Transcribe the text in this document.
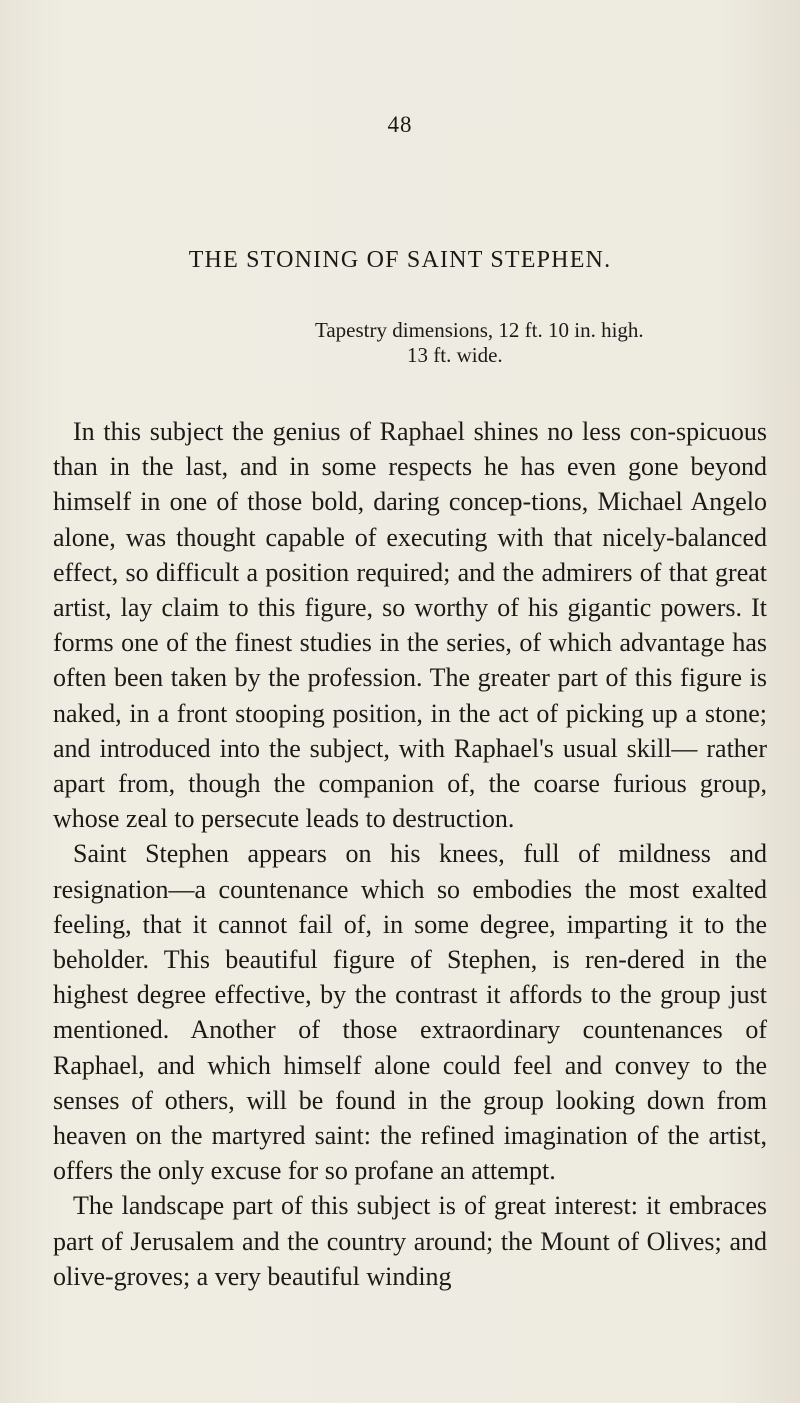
48
THE STONING OF SAINT STEPHEN.
Tapestry dimensions, 12 ft. 10 in. high.
13 ft. wide.

In this subject the genius of Raphael shines no less con-spicuous than in the last, and in some respects he has even gone beyond himself in one of those bold, daring concep-tions, Michael Angelo alone, was thought capable of executing with that nicely-balanced effect, so difficult a position required; and the admirers of that great artist, lay claim to this figure, so worthy of his gigantic powers. It forms one of the finest studies in the series, of which advantage has often been taken by the profession. The greater part of this figure is naked, in a front stooping position, in the act of picking up a stone; and introduced into the subject, with Raphael's usual skill— rather apart from, though the companion of, the coarse furious group, whose zeal to persecute leads to destruction.

Saint Stephen appears on his knees, full of mildness and resignation—a countenance which so embodies the most exalted feeling, that it cannot fail of, in some degree, imparting it to the beholder. This beautiful figure of Stephen, is ren-dered in the highest degree effective, by the contrast it affords to the group just mentioned. Another of those extraordinary countenances of Raphael, and which himself alone could feel and convey to the senses of others, will be found in the group looking down from heaven on the martyred saint: the refined imagination of the artist, offers the only excuse for so profane an attempt.

The landscape part of this subject is of great interest: it embraces part of Jerusalem and the country around; the Mount of Olives; and olive-groves; a very beautiful winding
